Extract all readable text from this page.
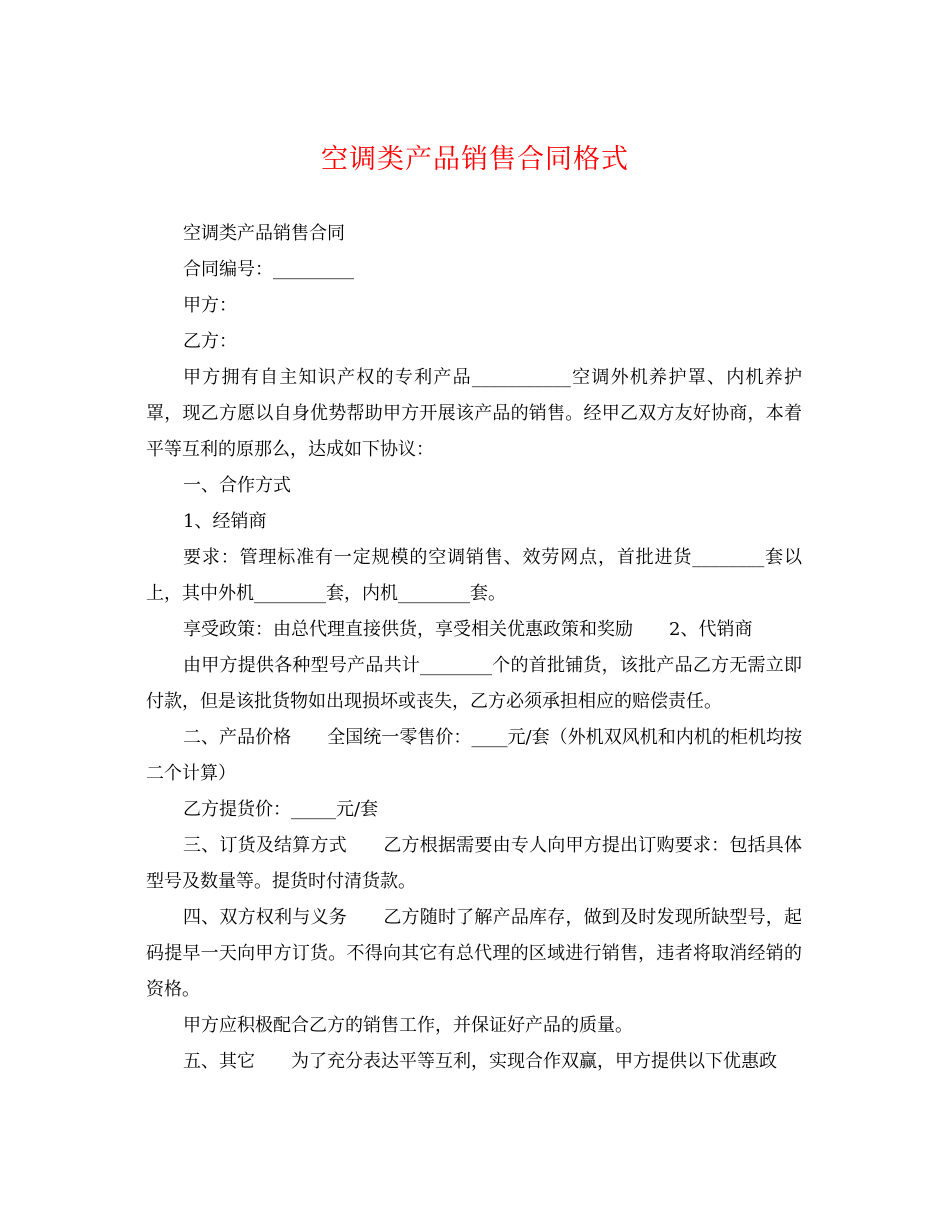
空调类产品销售合同格式

空调类产品销售合同

合同编号：_________

甲方：

乙方：

甲方拥有自主知识产权的专利产品___________空调外机养护罩、内机养护罩，现乙方愿以自身优势帮助甲方开展该产品的销售。经甲乙双方友好协商，本着平等互利的原那么，达成如下协议：

一、合作方式

1、经销商

要求：管理标准有一定规模的空调销售、效劳网点，首批进货________套以上，其中外机________套，内机________套。

享受政策：由总代理直接供货，享受相关优惠政策和奖励　　2、代销商

由甲方提供各种型号产品共计________个的首批铺货，该批产品乙方无需立即付款，但是该批货物如出现损坏或丧失，乙方必须承担相应的赔偿责任。

二、产品价格　　全国统一零售价：____元/套（外机双风机和内机的柜机均按二个计算）

乙方提货价：_____元/套

三、订货及结算方式　　乙方根据需要由专人向甲方提出订购要求：包括具体型号及数量等。提货时付清货款。

四、双方权利与义务　　乙方随时了解产品库存，做到及时发现所缺型号，起码提早一天向甲方订货。不得向其它有总代理的区域进行销售，违者将取消经销的资格。

甲方应积极配合乙方的销售工作，并保证好产品的质量。

五、其它　　为了充分表达平等互利，实现合作双赢，甲方提供以下优惠政
